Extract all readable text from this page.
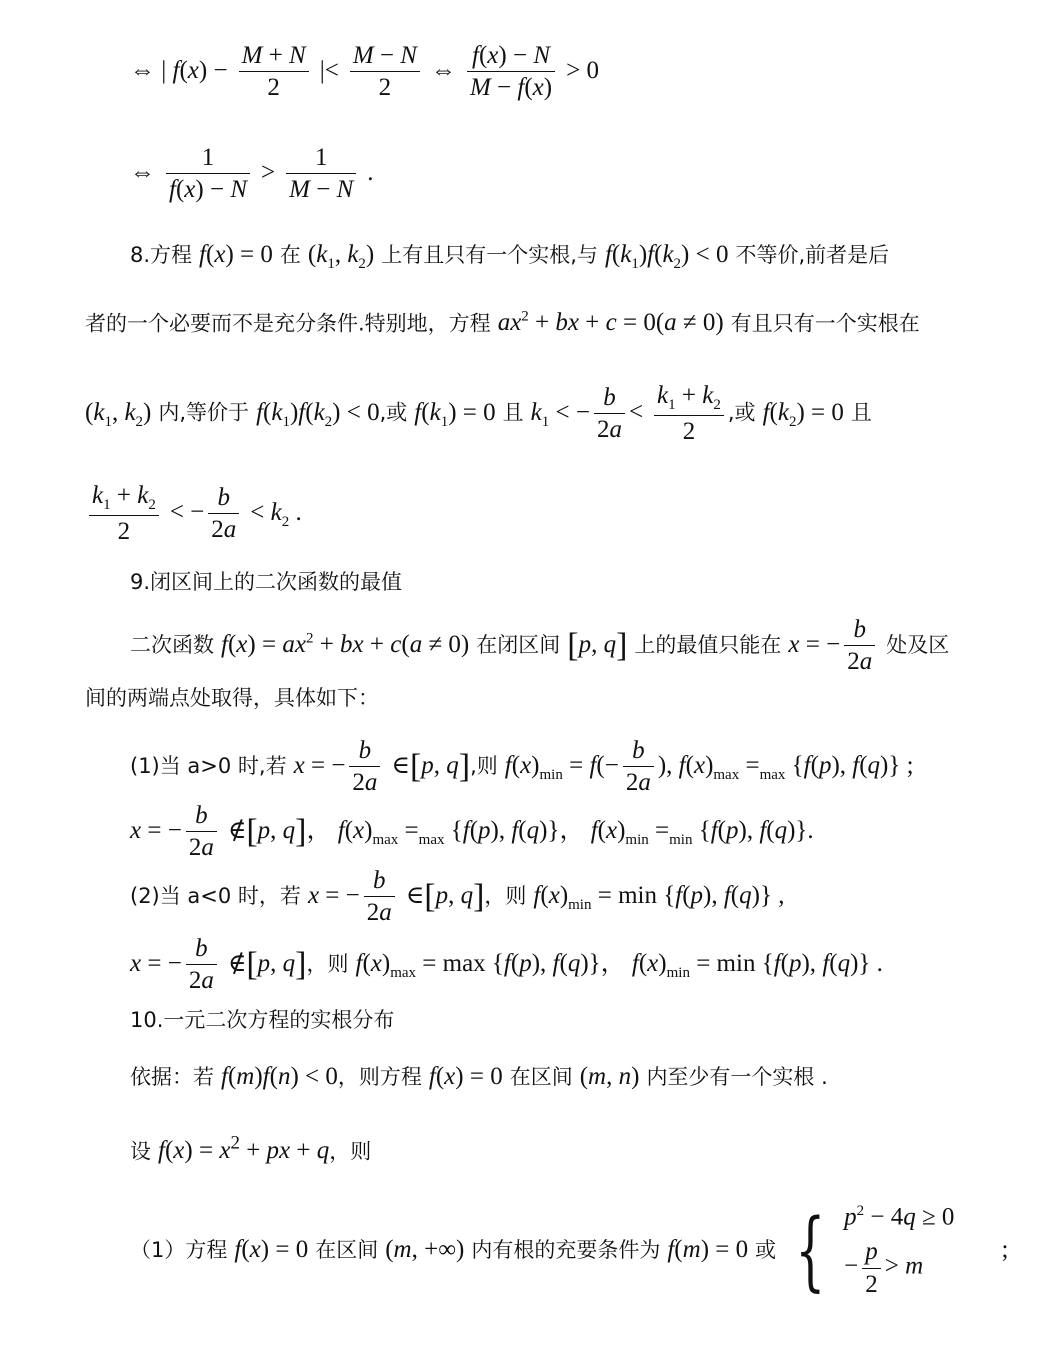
⇔ | $f(x) - \frac{M + N}{2}$ |< $\frac{M - N}{2}$ ⇔ $\frac{f(x) - N}{M - f(x)} > 0$
⇔ $\frac{1}{f(x) - N} > \frac{1}{M - N}$ .
8.方程 f(x) = 0 在 ($k_1$, $k_2$) 上有且只有一个实根,与 $f(k_1)f(k_2) < 0$ 不等价,前者是后
者的一个必要而不是充分条件.特别地，方程 $ax^2$ + bx + c = 0(a ≠ 0) 有且只有一个实根在
($k_1$, $k_2$) 内,等价于 $f(k_1)f(k_2) < 0$,或 $f(k_1) = 0$ 且 $k_1$ < − $\frac{b}{2a} < \frac{k_1 + k_2}{2}$ ,或 $f(k_2) = 0$ 且
$\frac{k_1 + k_2}{2}$ < − $\frac{b}{2a} < k_2$ .
9.闭区间上的二次函数的最值
二次函数 $f(x) = ax^2$ + bx + c(a ≠ 0) 在闭区间 [p, q] 上的最值只能在 x = − $\frac{b}{2a}$ 处及区
间的两端点处取得，具体如下：
(1)当 a>0 时,若 x = − $\frac{b}{2a}$ ∈[p, q],则 $f(x)_{min} = f(- \frac{b}{2a}$ ), $f(x)_{max} =_{max}$ {f(p), f(q)} ;
x = − $\frac{b}{2a}$ ∉[p, q]， $f(x)_{max} =_{max}$ {f(p), f(q)}， $f(x)_{min} =_{min}$ {f(p), f(q)}.
(2)当 a<0 时，若 x = − $\frac{b}{2a}$ ∈[p, q]，则 $f(x)_{min} = \min \{f(p)$, f(q)} ,
x = − $\frac{b}{2a}$ ∉[p, q]，则 $f(x)_{max} = \max \{f(p)$, f(q)}， $f(x)_{min} = \min \{f(p)$, f(q)} .
10.一元二次方程的实根分布
依据：若 f(m)f(n) < 0，则方程 f(x) = 0 在区间 (m, n) 内至少有一个实根 .
设 $f(x) = x^2$ + px + q，则
（1）方程 f(x) = 0 在区间 (m, +∞) 内有根的充要条件为 f(m) = 0 或 { $p^2 - 4q \ge 0$
− $\frac{p}{2} > m$
;
